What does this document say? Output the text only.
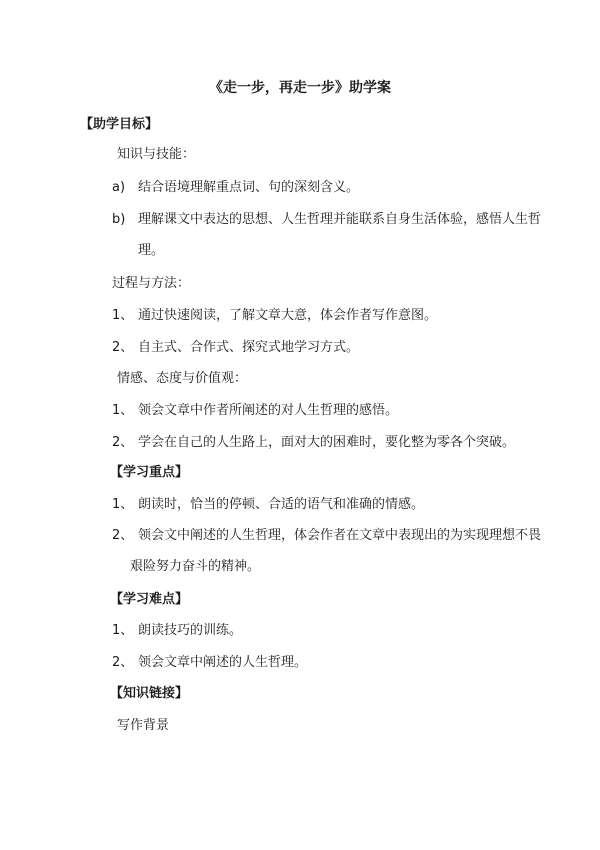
《走一步，再走一步》助学案
【助学目标】
知识与技能：
a) 结合语境理解重点词、句的深刻含义。
b) 理解课文中表达的思想、人生哲理并能联系自身生活体验，感悟人生哲
理。
过程与方法：
1、 通过快速阅读，了解文章大意，体会作者写作意图。
2、 自主式、合作式、探究式地学习方式。
情感、态度与价值观：
1、 领会文章中作者所阐述的对人生哲理的感悟。
2、 学会在自己的人生路上，面对大的困难时，要化整为零各个突破。
【学习重点】
1、 朗读时，恰当的停顿、合适的语气和准确的情感。
2、 领会文中阐述的人生哲理，体会作者在文章中表现出的为实现理想不畏
艰险努力奋斗的精神。
【学习难点】
1、 朗读技巧的训练。
2、 领会文章中阐述的人生哲理。
【知识链接】
写作背景
